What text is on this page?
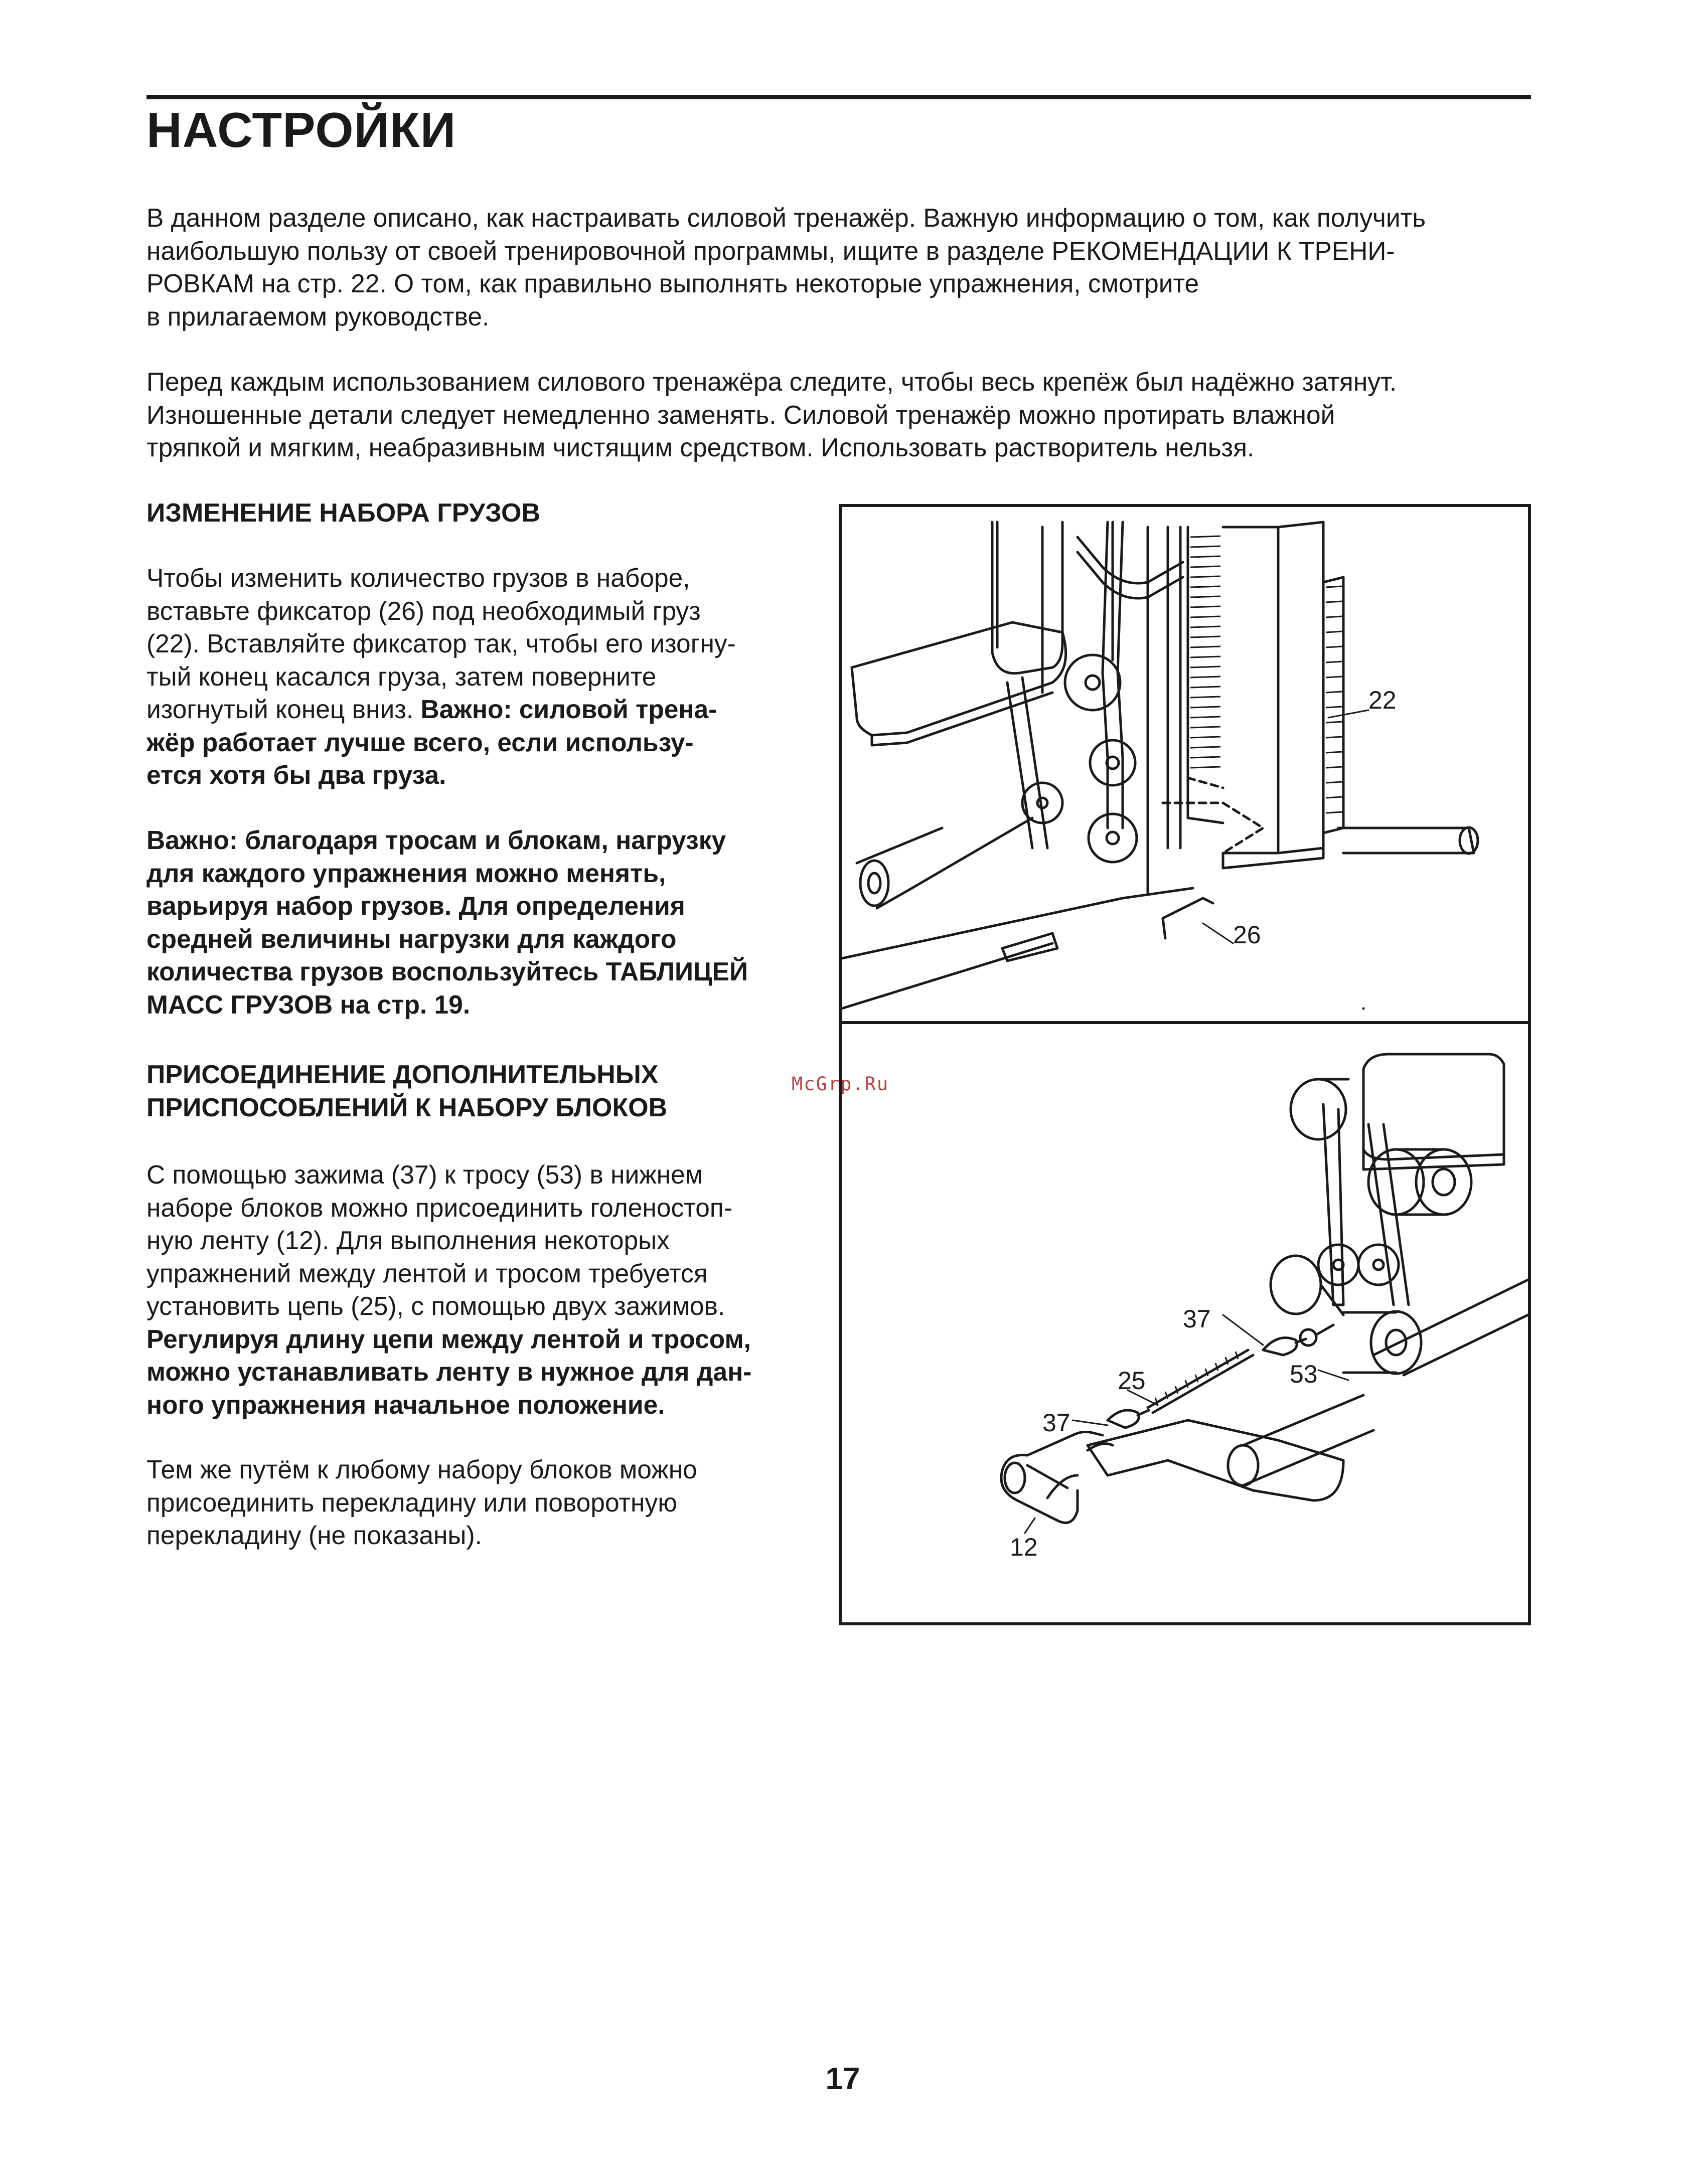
НАСТРОЙКИ

В данном разделе описано, как настраивать силовой тренажёр. Важную информацию о том, как получить
наибольшую пользу от своей тренировочной программы, ищите в разделе РЕКОМЕНДАЦИИ К ТРЕНИ-
РОВКАМ на стр. 22. О том, как правильно выполнять некоторые упражнения, смотрите
в прилагаемом руководстве.

Перед каждым использованием силового тренажёра следите, чтобы весь крепёж был надёжно затянут.
Изношенные детали следует немедленно заменять. Силовой тренажёр можно протирать влажной
тряпкой и мягким, неабразивным чистящим средством. Использовать растворитель нельзя.

ИЗМЕНЕНИЕ НАБОРА ГРУЗОВ

Чтобы изменить количество грузов в наборе,
вставьте фиксатор (26) под необходимый груз
(22). Вставляйте фиксатор так, чтобы его изогну-
тый конец касался груза, затем поверните
изогнутый конец вниз. Важно: силовой трена-
жёр работает лучше всего, если использу-
ется хотя бы два груза.

Важно: благодаря тросам и блокам, нагрузку
для каждого упражнения можно менять,
варьируя набор грузов. Для определения
средней величины нагрузки для каждого
количества грузов воспользуйтесь ТАБЛИЦЕЙ
МАСС ГРУЗОВ на стр. 19.

ПРИСОЕДИНЕНИЕ ДОПОЛНИТЕЛЬНЫХ
ПРИСПОСОБЛЕНИЙ К НАБОРУ БЛОКОВ

С помощью зажима (37) к тросу (53) в нижнем
наборе блоков можно присоединить голеностоп-
ную ленту (12). Для выполнения некоторых
упражнений между лентой и тросом требуется
установить цепь (25), с помощью двух зажимов.
Регулируя длину цепи между лентой и тросом,
можно устанавливать ленту в нужное для дан-
ного упражнения начальное положение.

Тем же путём к любому набору блоков можно
присоединить перекладину или поворотную
перекладину (не показаны).

22
26
37
25
37
53
12
McGrp.Ru
17
